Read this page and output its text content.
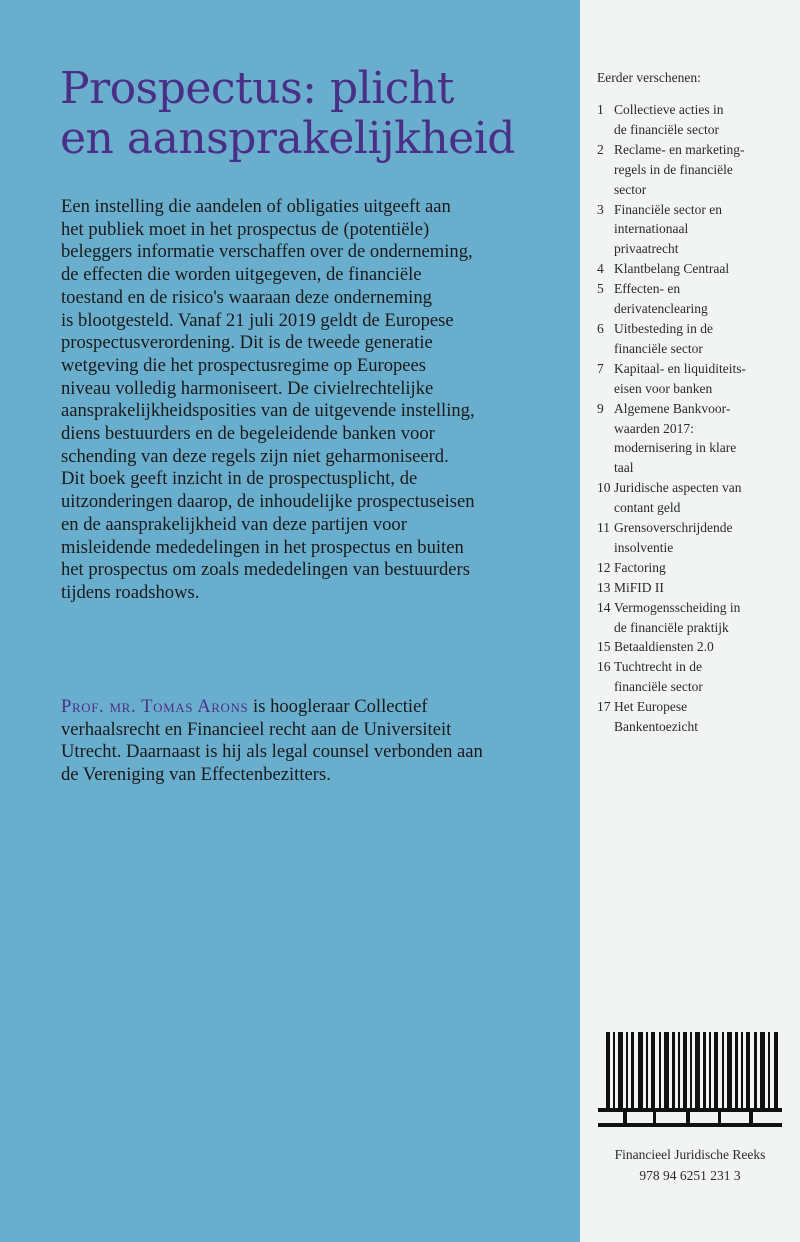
Prospectus: plicht
en aansprakelijkheid

Een instelling die aandelen of obligaties uitgeeft aan
het publiek moet in het prospectus de (potentiële)
beleggers informatie verschaffen over de onderneming,
de effecten die worden uitgegeven, de financiële
toestand en de risico's waaraan deze onderneming
is blootgesteld. Vanaf 21 juli 2019 geldt de Europese
prospectusverordening. Dit is de tweede generatie
wetgeving die het prospectusregime op Europees
niveau volledig harmoniseert. De civielrechtelijke
aansprakelijkheidsposities van de uitgevende instelling,
diens bestuurders en de begeleidende banken voor
schending van deze regels zijn niet geharmoniseerd.
Dit boek geeft inzicht in de prospectusplicht, de
uitzonderingen daarop, de inhoudelijke prospectuseisen
en de aansprakelijkheid van deze partijen voor
misleidende mededelingen in het prospectus en buiten
het prospectus om zoals mededelingen van bestuurders
tijdens roadshows.

Prof. mr. Tomas Arons is hoogleraar Collectief
verhaalsrecht en Financieel recht aan de Universiteit
Utrecht. Daarnaast is hij als legal counsel verbonden aan
de Vereniging van Effectenbezitters.

Eerder verschenen:

1 Collectieve acties in
de financiële sector
2 Reclame- en marketing-
regels in de financiële
sector
3 Financiële sector en
internationaal
privaatrecht
4 Klantbelang Centraal
5 Effecten- en
derivatenclearing
6 Uitbesteding in de
financiële sector
7 Kapitaal- en liquiditeits-
eisen voor banken
9 Algemene Bankvoor-
waarden 2017:
modernisering in klare
taal
10 Juridische aspecten van
contant geld
11 Grensoverschrijdende
insolventie
12 Factoring
13 MiFID II
14 Vermogensscheiding in
de financiële praktijk
15 Betaaldiensten 2.0
16 Tuchtrecht in de
financiële sector
17 Het Europese
Bankentoezicht

Financieel Juridische Reeks

978 94 6251 231 3
